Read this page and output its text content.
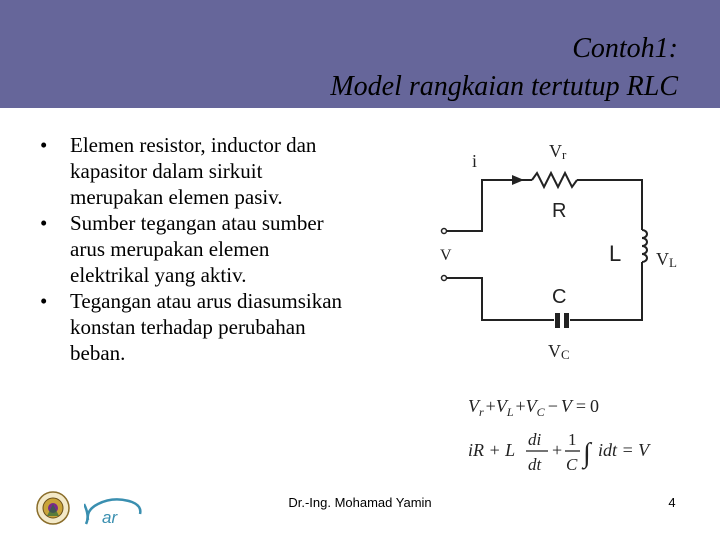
Contoh1:
Model rangkaian tertutup RLC
• Elemen resistor, inductor dan kapasitor dalam sirkuit merupakan elemen pasiv.
• Sumber tegangan atau sumber arus merupakan elemen elektrikal yang aktiv.
• Tegangan atau arus diasumsikan konstan terhadap perubahan beban.
i
V
Vr
R
L VL
C
VC
$V_r +V_L +V_C - V = 0$
iR + L
di
dt
+
1
C ∫ idt = V
ar
Dr.-Ing. Mohamad Yamin	4
